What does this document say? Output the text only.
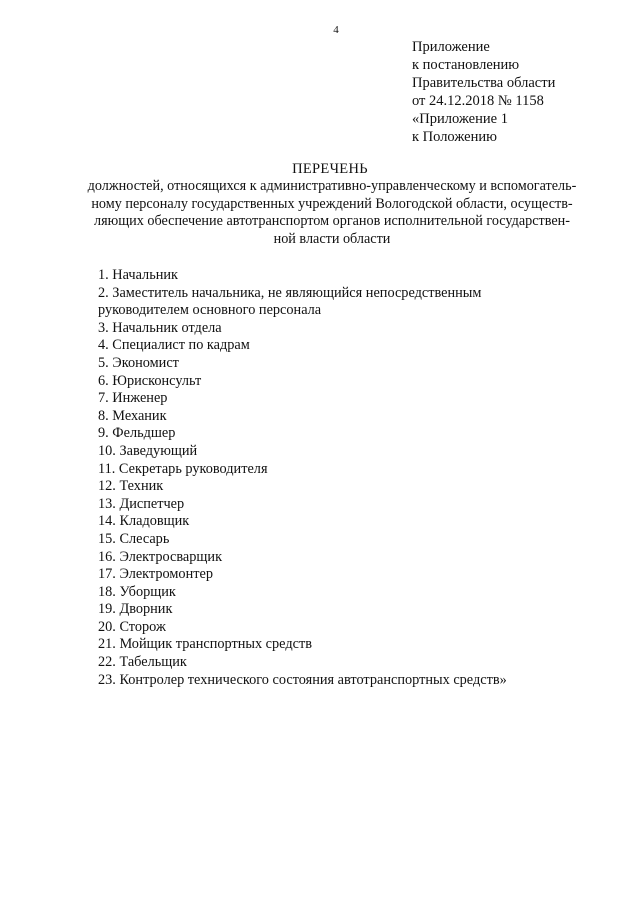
4
Приложение
к постановлению
Правительства области
от 24.12.2018 № 1158
«Приложение 1
к Положению
ПЕРЕЧЕНЬ
должностей, относящихся к административно-управленческому и вспомогатель-
ному персоналу государственных учреждений Вологодской области, осуществ-
ляющих обеспечение автотранспортом органов исполнительной государствен-
ной власти области
1. Начальник
2. Заместитель начальника, не являющийся непосредственным
руководителем основного персонала
3. Начальник отдела
4. Специалист по кадрам
5. Экономист
6. Юрисконсульт
7. Инженер
8. Механик
9. Фельдшер
10. Заведующий
11. Секретарь руководителя
12. Техник
13. Диспетчер
14. Кладовщик
15. Слесарь
16. Электросварщик
17. Электромонтер
18. Уборщик
19. Дворник
20. Сторож
21. Мойщик транспортных средств
22. Табельщик
23. Контролер технического состояния автотранспортных средств»
